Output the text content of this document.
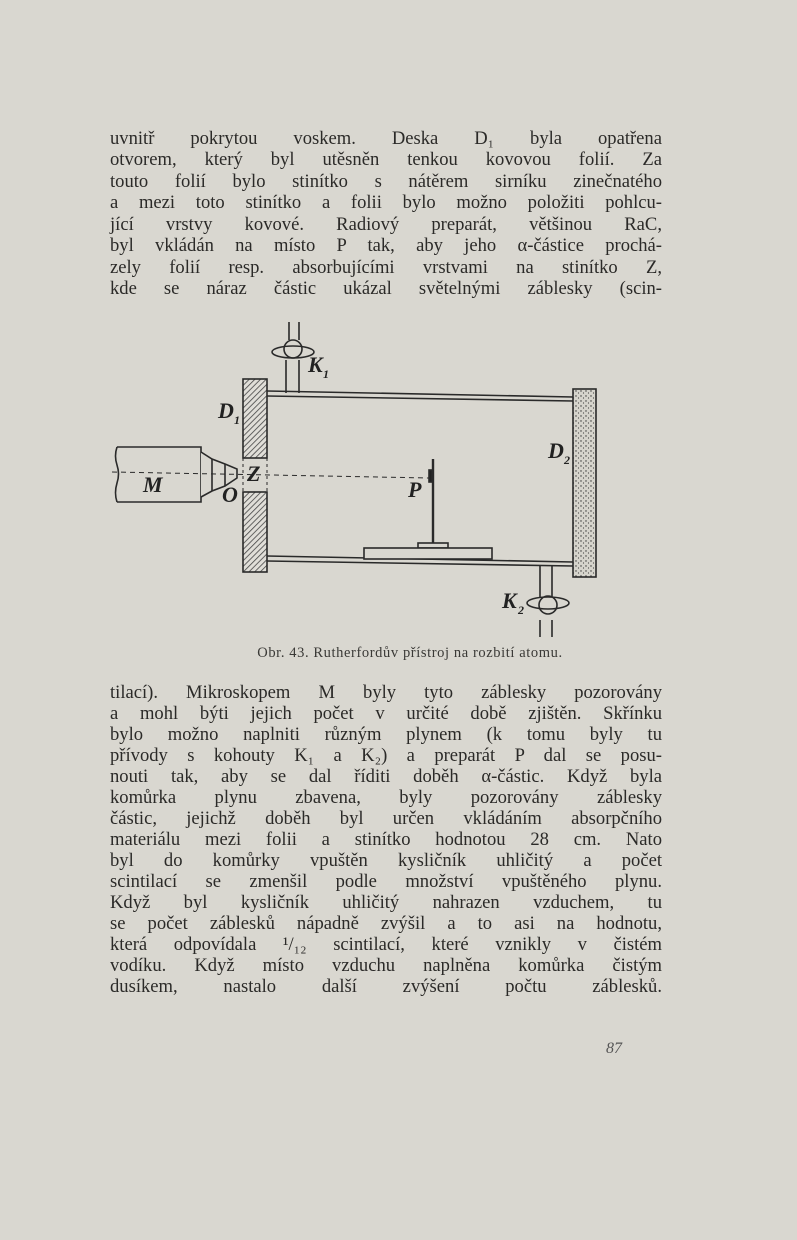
uvnitř pokrytou voskem. Deska D₁ byla opatřena
otvorem, který byl utěsněn tenkou kovovou folií. Za
touto folií bylo stinítko s nátěrem sirníku zinečnatého
a mezi toto stinítko a folii bylo možno položiti pohlcu-
jící vrstvy kovové. Radiový preparát, většinou RaC,
byl vkládán na místo P tak, aby jeho α-částice prochá-
zely folií resp. absorbujícími vrstvami na stinítko Z,
kde se náraz částic ukázal světelnými záblesky (scin-
K 1
D 1
D 2
M	O
Z
P
K 2
Obr. 43. Rutherfordův přístroj na rozbití atomu.
tilací). Mikroskopem M byly tyto záblesky pozorovány
a mohl býti jejich počet v určité době zjištěn. Skřínku
bylo možno naplniti různým plynem (k tomu byly tu
přívody s kohouty K₁ a K₂) a preparát P dal se posu-
nouti tak, aby se dal říditi doběh α-částic. Když byla
komůrka plynu zbavena, byly pozorovány záblesky
částic, jejichž doběh byl určen vkládáním absorpčního
materiálu mezi folii a stinítko hodnotou 28 cm. Nato
byl do komůrky vpuštěn kysličník uhličitý a počet
scintilací se zmenšil podle množství vpuštěného plynu.
Když byl kysličník uhličitý nahrazen vzduchem, tu
se počet záblesků nápadně zvýšil a to asi na hodnotu,
která odpovídala ¹/₁₂ scintilací, které vznikly v čistém
vodíku. Když místo vzduchu naplněna komůrka čistým
dusíkem, nastalo další zvýšení počtu záblesků.
87
